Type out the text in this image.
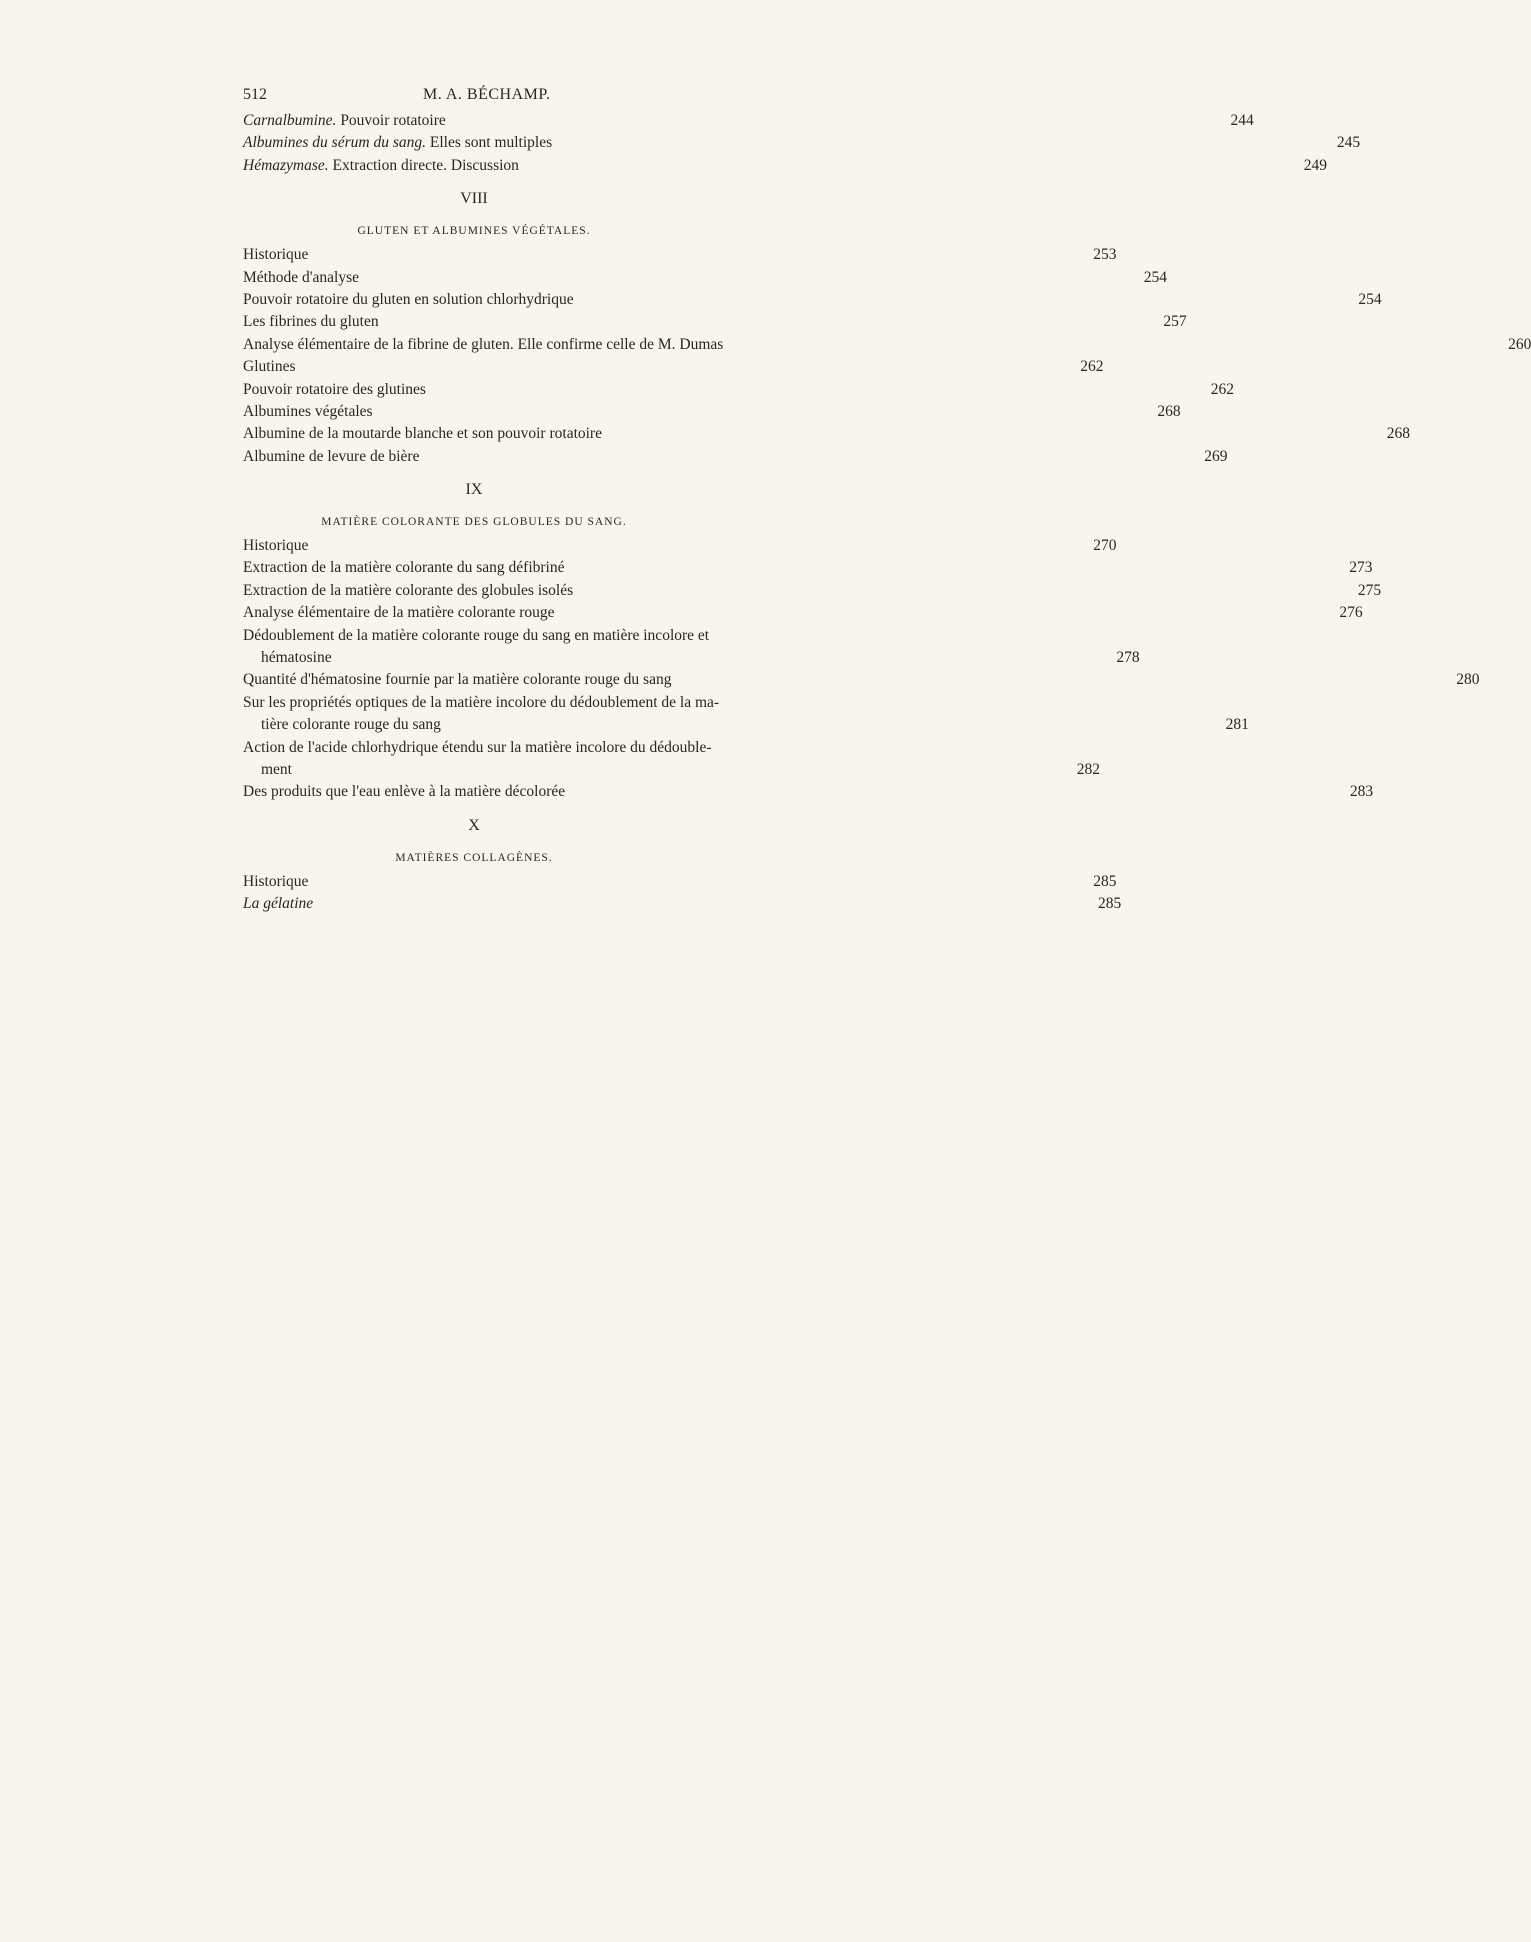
512	M. A. BÉCHAMP.
Carnalbumine. Pouvoir rotatoire	244
Albumines du sérum du sang. Elles sont multiples	245
Hémazymase. Extraction directe. Discussion	249
VIII
GLUTEN ET ALBUMINES VÉGÉTALES.
Historique	253
Méthode d'analyse	254
Pouvoir rotatoire du gluten en solution chlorhydrique	254
Les fibrines du gluten	257
Analyse élémentaire de la fibrine de gluten. Elle confirme celle de M. Dumas	260
Glutines	262
Pouvoir rotatoire des glutines	262
Albumines végétales	268
Albumine de la moutarde blanche et son pouvoir rotatoire	268
Albumine de levure de bière	269
IX
MATIÈRE COLORANTE DES GLOBULES DU SANG.
Historique	270
Extraction de la matière colorante du sang défibriné	273
Extraction de la matière colorante des globules isolés	275
Analyse élémentaire de la matière colorante rouge	276
Dédoublement de la matière colorante rouge du sang en matière incolore et
hématosine	278
Quantité d'hématosine fournie par la matière colorante rouge du sang	280
Sur les propriétés optiques de la matière incolore du dédoublement de la ma-
tière colorante rouge du sang	281
Action de l'acide chlorhydrique étendu sur la matière incolore du dédouble-
ment	282
Des produits que l'eau enlève à la matière décolorée	283
X
MATIÈRES COLLAGÈNES.
Historique	285
La gélatine	285
